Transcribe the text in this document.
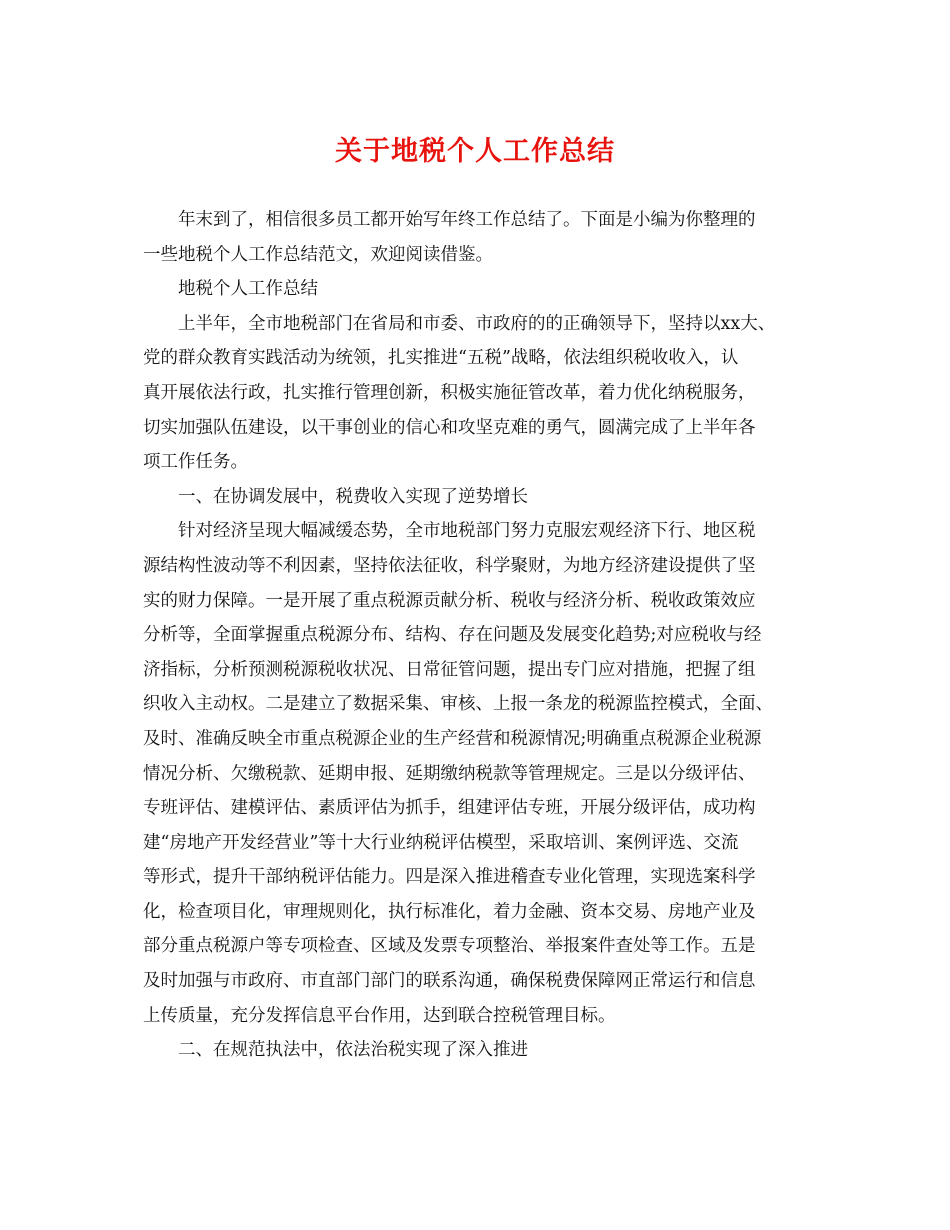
关于地税个人工作总结
年末到了，相信很多员工都开始写年终工作总结了。下面是小编为你整理的
一些地税个人工作总结范文，欢迎阅读借鉴。
地税个人工作总结
上半年，全市地税部门在省局和市委、市政府的的正确领导下，坚持以xx大、
党的群众教育实践活动为统领，扎实推进“五税”战略，依法组织税收收入，认
真开展依法行政，扎实推行管理创新，积极实施征管改革，着力优化纳税服务，
切实加强队伍建设，以干事创业的信心和攻坚克难的勇气，圆满完成了上半年各
项工作任务。
一、在协调发展中，税费收入实现了逆势增长
针对经济呈现大幅减缓态势，全市地税部门努力克服宏观经济下行、地区税
源结构性波动等不利因素，坚持依法征收，科学聚财，为地方经济建设提供了坚
实的财力保障。一是开展了重点税源贡献分析、税收与经济分析、税收政策效应
分析等，全面掌握重点税源分布、结构、存在问题及发展变化趋势;对应税收与经
济指标，分析预测税源税收状况、日常征管问题，提出专门应对措施，把握了组
织收入主动权。二是建立了数据采集、审核、上报一条龙的税源监控模式，全面、
及时、准确反映全市重点税源企业的生产经营和税源情况;明确重点税源企业税源
情况分析、欠缴税款、延期申报、延期缴纳税款等管理规定。三是以分级评估、
专班评估、建模评估、素质评估为抓手，组建评估专班，开展分级评估，成功构
建“房地产开发经营业”等十大行业纳税评估模型，采取培训、案例评选、交流
等形式，提升干部纳税评估能力。四是深入推进稽查专业化管理，实现选案科学
化，检查项目化，审理规则化，执行标准化，着力金融、资本交易、房地产业及
部分重点税源户等专项检查、区域及发票专项整治、举报案件查处等工作。五是
及时加强与市政府、市直部门部门的联系沟通，确保税费保障网正常运行和信息
上传质量，充分发挥信息平台作用，达到联合控税管理目标。
二、在规范执法中，依法治税实现了深入推进
